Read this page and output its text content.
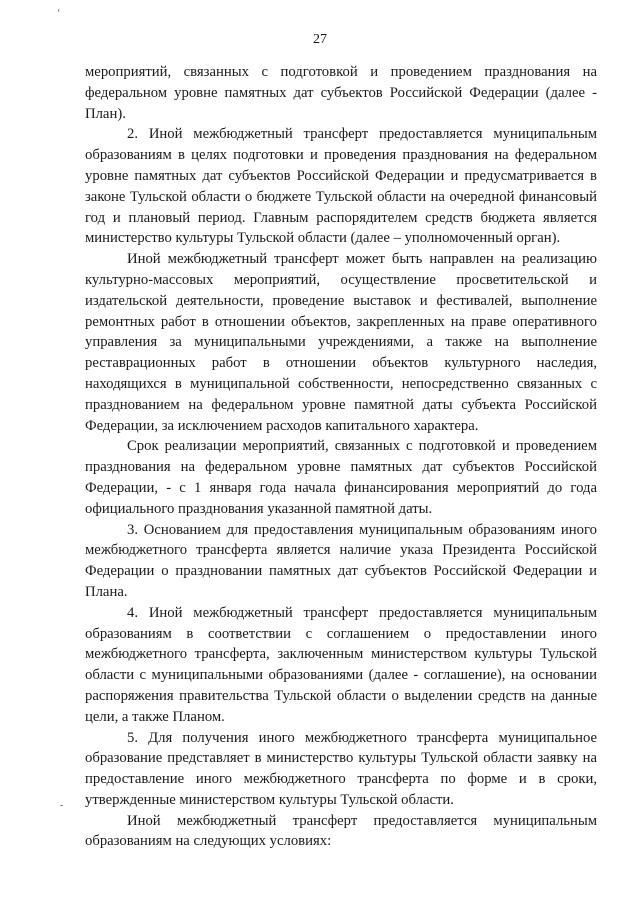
ʻ
27

мероприятий, связанных с подготовкой и проведением празднования на федеральном уровне памятных дат субъектов Российской Федерации (далее - План).

2. Иной межбюджетный трансферт предоставляется муниципальным образованиям в целях подготовки и проведения празднования на федеральном уровне памятных дат субъектов Российской Федерации и предусматривается в законе Тульской области о бюджете Тульской области на очередной финансовый год и плановый период. Главным распорядителем средств бюджета является министерство культуры Тульской области (далее – уполномоченный орган).

Иной межбюджетный трансферт может быть направлен на реализацию культурно-массовых мероприятий, осуществление просветительской и издательской деятельности, проведение выставок и фестивалей, выполнение ремонтных работ в отношении объектов, закрепленных на праве оперативного управления за муниципальными учреждениями, а также на выполнение реставрационных работ в отношении объектов культурного наследия, находящихся в муниципальной собственности, непосредственно связанных с празднованием на федеральном уровне памятной даты субъекта Российской Федерации, за исключением расходов капитального характера.

Срок реализации мероприятий, связанных с подготовкой и проведением празднования на федеральном уровне памятных дат субъектов Российской Федерации, - с 1 января года начала финансирования мероприятий до года официального празднования указанной памятной даты.

3. Основанием для предоставления муниципальным образованиям иного межбюджетного трансферта является наличие указа Президента Российской Федерации о праздновании памятных дат субъектов Российской Федерации и Плана.

4. Иной межбюджетный трансферт предоставляется муниципальным образованиям в соответствии с соглашением о предоставлении иного межбюджетного трансферта, заключенным министерством культуры Тульской области с муниципальными образованиями (далее - соглашение), на основании распоряжения правительства Тульской области о выделении средств на данные цели, а также Планом.

5. Для получения иного межбюджетного трансферта муниципальное образование представляет в министерство культуры Тульской области заявку на предоставление иного межбюджетного трансферта по форме и в сроки, утвержденные министерством культуры Тульской области.

Иной межбюджетный трансферт предоставляется муниципальным образованиям на следующих условиях:

-
